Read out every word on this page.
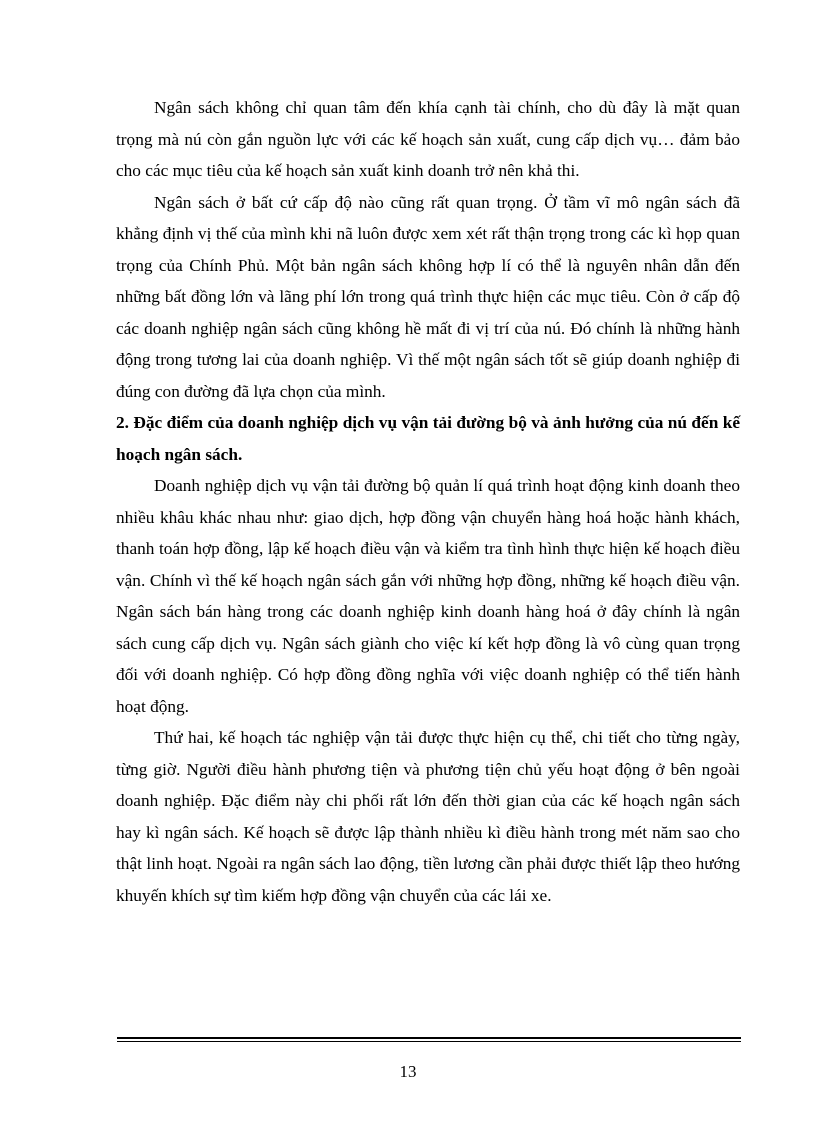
Ngân sách không chỉ quan tâm đến khía cạnh tài chính, cho dù đây là mặt quan trọng mà nú còn gắn nguồn lực với các kế hoạch sản xuất, cung cấp dịch vụ… đảm bảo cho các mục tiêu của kế hoạch sản xuất kinh doanh trở nên khả thi.

Ngân sách ở bất cứ cấp độ nào cũng rất quan trọng. Ở tầm vĩ mô ngân sách đã khẳng định vị thế của mình khi nã luôn được xem xét rất thận trọng trong các kì họp quan trọng của Chính Phủ. Một bản ngân sách không hợp lí có thể là nguyên nhân dẫn đến những bất đồng lớn và lãng phí lớn trong quá trình thực hiện các mục tiêu. Còn ở cấp độ các doanh nghiệp ngân sách cũng không hề mất đi vị trí của nú. Đó chính là những hành động trong tương lai của doanh nghiệp. Vì thế một ngân sách tốt sẽ giúp doanh nghiệp đi đúng con đường đã lựa chọn của mình.

2. Đặc điểm của doanh nghiệp dịch vụ vận tải đường bộ và ảnh hưởng của nú đến kế hoạch ngân sách.

Doanh nghiệp dịch vụ vận tải đường bộ quản lí quá trình hoạt động kinh doanh theo nhiều khâu khác nhau như: giao dịch, hợp đồng vận chuyển hàng hoá hoặc hành khách, thanh toán hợp đồng, lập kế hoạch điều vận và kiểm tra tình hình thực hiện kế hoạch điều vận. Chính vì thế kế hoạch ngân sách gắn với những hợp đồng, những kế hoạch điều vận. Ngân sách bán hàng trong các doanh nghiệp kinh doanh hàng hoá ở đây chính là ngân sách cung cấp dịch vụ. Ngân sách giành cho việc kí kết hợp đồng là vô cùng quan trọng đối với doanh nghiệp. Có hợp đồng đồng nghĩa với việc doanh nghiệp có thể tiến hành hoạt động.

Thứ hai, kế hoạch tác nghiệp vận tải được thực hiện cụ thể, chi tiết cho từng ngày, từng giờ. Người điều hành phương tiện và phương tiện chủ yếu hoạt động ở bên ngoài doanh nghiệp. Đặc điểm này chi phối rất lớn đến thời gian của các kế hoạch ngân sách hay kì ngân sách. Kế hoạch sẽ được lập thành nhiều kì điều hành trong mét năm sao cho thật linh hoạt. Ngoài ra ngân sách lao động, tiền lương cần phải được thiết lập theo hướng khuyến khích sự tìm kiếm hợp đồng vận chuyển của các lái xe.

13
